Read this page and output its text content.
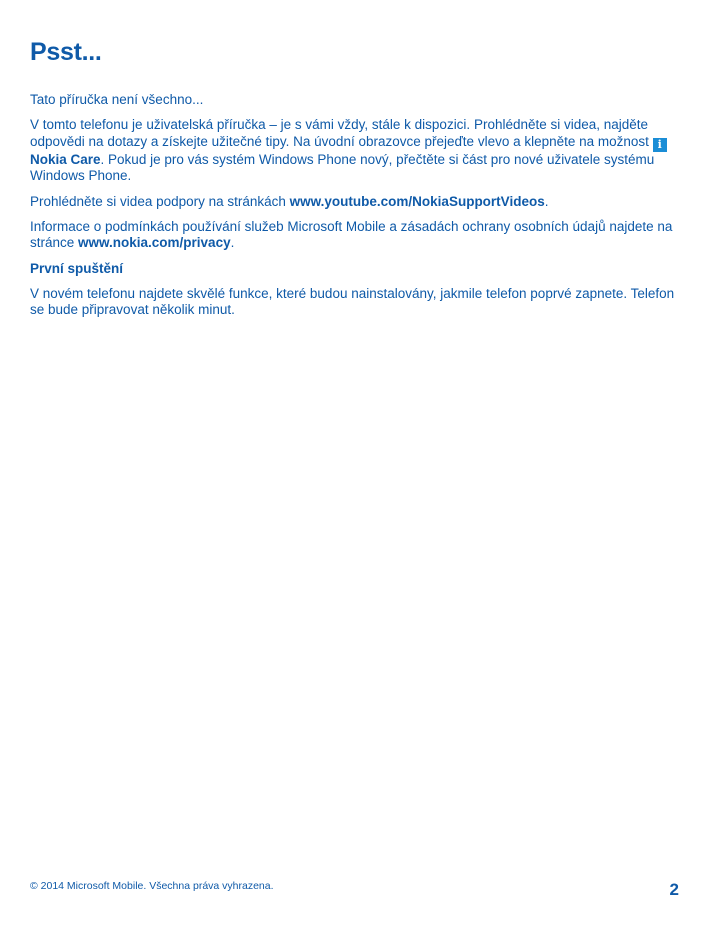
Psst...

Tato příručka není všechno...

V tomto telefonu je uživatelská příručka – je s vámi vždy, stále k dispozici. Prohlédněte si videa, najděte odpovědi na dotazy a získejte užitečné tipy. Na úvodní obrazovce přejeďte vlevo a klepněte na možnost iNokia Care. Pokud je pro vás systém Windows Phone nový, přečtěte si část pro nové uživatele systému Windows Phone.

Prohlédněte si videa podpory na stránkách www.youtube.com/NokiaSupportVideos.

Informace o podmínkách používání služeb Microsoft Mobile a zásadách ochrany osobních údajů najdete na stránce www.nokia.com/privacy.

První spuštění

V novém telefonu najdete skvělé funkce, které budou nainstalovány, jakmile telefon poprvé zapnete. Telefon se bude připravovat několik minut.

© 2014 Microsoft Mobile. Všechna práva vyhrazena.	2
